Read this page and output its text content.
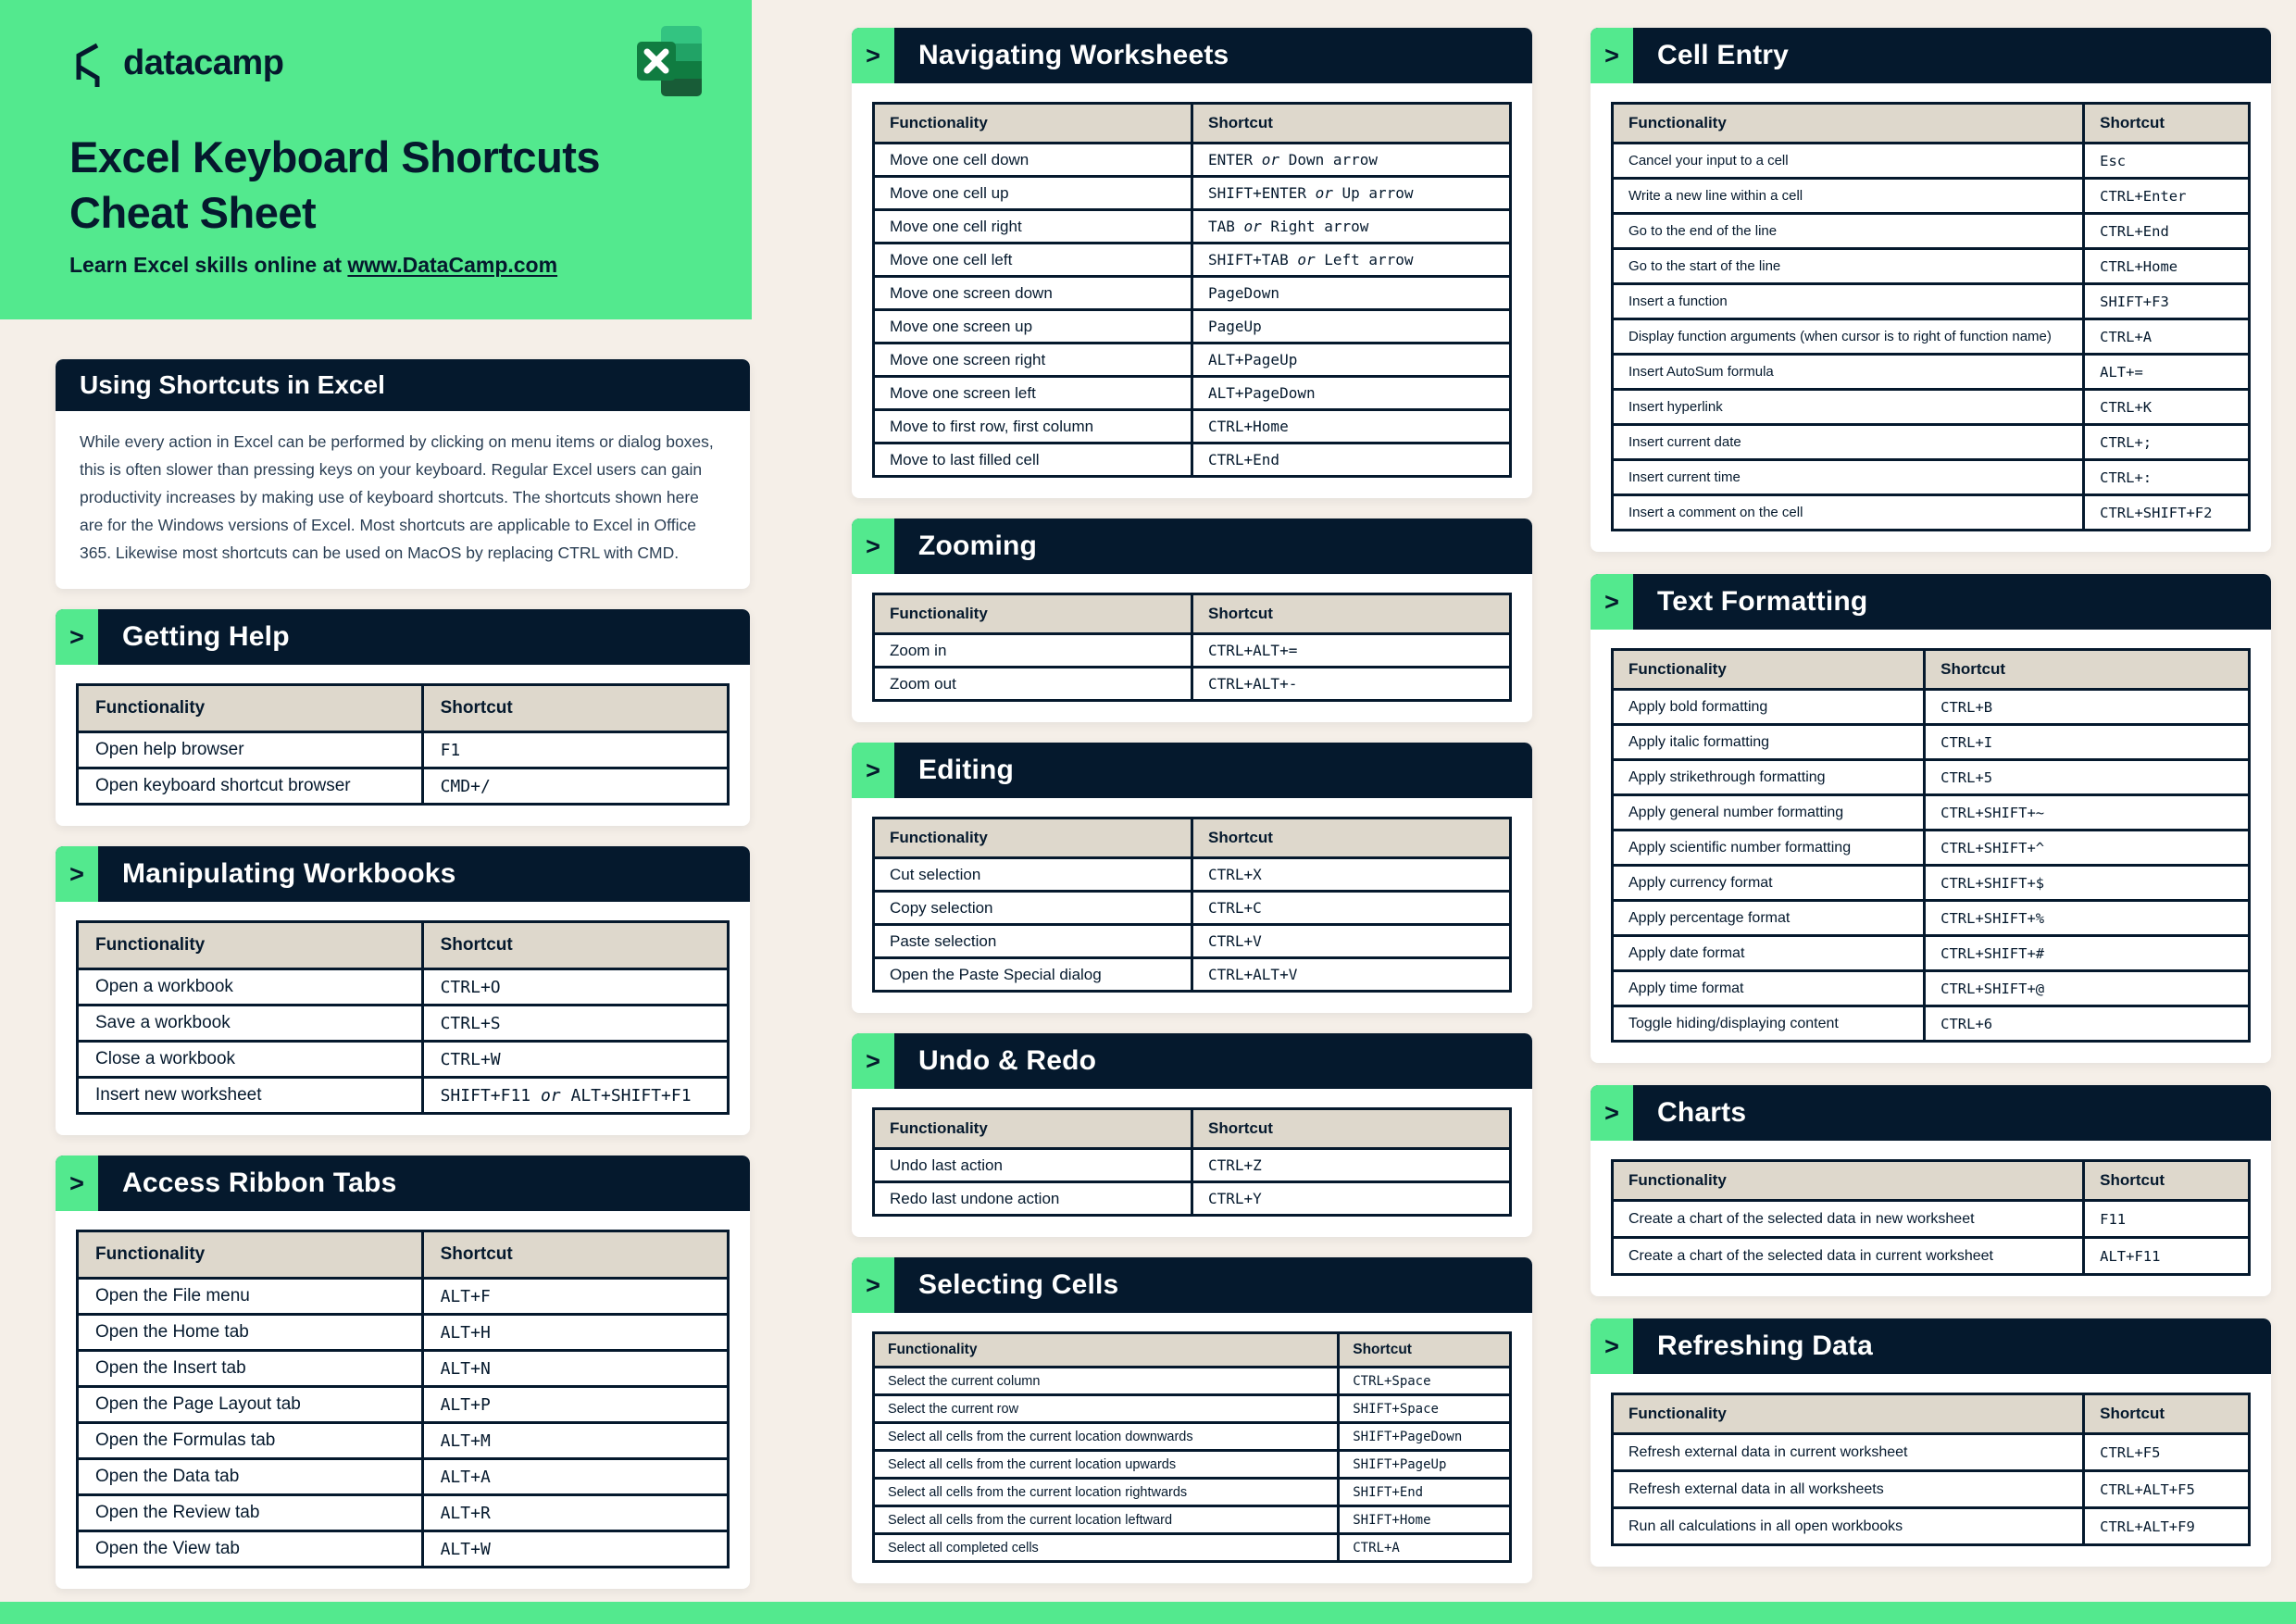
datacamp
Excel Keyboard Shortcuts Cheat Sheet

Learn Excel skills online at www.DataCamp.com

Using Shortcuts in Excel

While every action in Excel can be performed by clicking on menu items or dialog boxes, this is often slower than pressing keys on your keyboard. Regular Excel users can gain productivity increases by making use of keyboard shortcuts. The shortcuts shown here are for the Windows versions of Excel. Most shortcuts are applicable to Excel in Office 365. Likewise most shortcuts can be used on MacOS by replacing CTRL with CMD.

>	Getting Help
Functionality	Shortcut
Open help browser	F1
Open keyboard shortcut browser	CMD+/
>	Manipulating Workbooks
Functionality	Shortcut
Open a workbook	CTRL+O
Save a workbook	CTRL+S
Close a workbook	CTRL+W
Insert new worksheet	SHIFT+F11 or ALT+SHIFT+F1
>	Access Ribbon Tabs
Functionality	Shortcut
Open the File menu	ALT+F
Open the Home tab	ALT+H
Open the Insert tab	ALT+N
Open the Page Layout tab	ALT+P
Open the Formulas tab	ALT+M
Open the Data tab	ALT+A
Open the Review tab	ALT+R
Open the View tab	ALT+W
>	Navigating Worksheets
Functionality	Shortcut
Move one cell down	ENTER or Down arrow
Move one cell up	SHIFT+ENTER or Up arrow
Move one cell right	TAB or Right arrow
Move one cell left	SHIFT+TAB or Left arrow
Move one screen down	PageDown
Move one screen up	PageUp
Move one screen right	ALT+PageUp
Move one screen left	ALT+PageDown
Move to first row, first column	CTRL+Home
Move to last filled cell	CTRL+End
>	Zooming
Functionality	Shortcut
Zoom in	CTRL+ALT+=
Zoom out	CTRL+ALT+-
>	Editing
Functionality	Shortcut
Cut selection	CTRL+X
Copy selection	CTRL+C
Paste selection	CTRL+V
Open the Paste Special dialog	CTRL+ALT+V
>	Undo & Redo
Functionality	Shortcut
Undo last action	CTRL+Z
Redo last undone action	CTRL+Y
>	Selecting Cells
Functionality	Shortcut
Select the current column	CTRL+Space
Select the current row	SHIFT+Space
Select all cells from the current location downwards	SHIFT+PageDown
Select all cells from the current location upwards	SHIFT+PageUp
Select all cells from the current location rightwards	SHIFT+End
Select all cells from the current location leftward	SHIFT+Home
Select all completed cells	CTRL+A
>	Cell Entry
Functionality	Shortcut
Cancel your input to a cell	Esc
Write a new line within a cell	CTRL+Enter
Go to the end of the line	CTRL+End
Go to the start of the line	CTRL+Home
Insert a function	SHIFT+F3
Display function arguments (when cursor is to right of function name)	CTRL+A
Insert AutoSum formula	ALT+=
Insert hyperlink	CTRL+K
Insert current date	CTRL+;
Insert current time	CTRL+:
Insert a comment on the cell	CTRL+SHIFT+F2
>	Text Formatting
Functionality	Shortcut
Apply bold formatting	CTRL+B
Apply italic formatting	CTRL+I
Apply strikethrough formatting	CTRL+5
Apply general number formatting	CTRL+SHIFT+~
Apply scientific number formatting	CTRL+SHIFT+^
Apply currency format	CTRL+SHIFT+$
Apply percentage format	CTRL+SHIFT+%
Apply date format	CTRL+SHIFT+#
Apply time format	CTRL+SHIFT+@
Toggle hiding/displaying content	CTRL+6
>	Charts
Functionality	Shortcut
Create a chart of the selected data in new worksheet	F11
Create a chart of the selected data in current worksheet	ALT+F11
>	Refreshing Data
Functionality	Shortcut
Refresh external data in current worksheet	CTRL+F5
Refresh external data in all worksheets	CTRL+ALT+F5
Run all calculations in all open workbooks	CTRL+ALT+F9
